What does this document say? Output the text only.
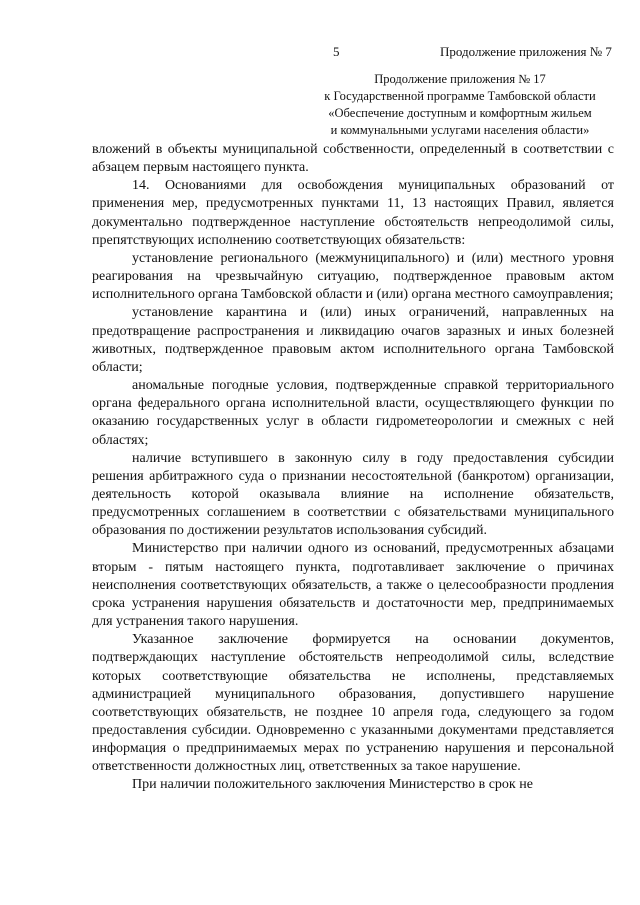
5	Продолжение приложения № 7
Продолжение приложения № 17
к Государственной программе Тамбовской области
«Обеспечение доступным и комфортным жильем
и коммунальными услугами населения области»

вложений в объекты муниципальной собственности, определенный в соответствии с абзацем первым настоящего пункта.

14. Основаниями для освобождения муниципальных образований от применения мер, предусмотренных пунктами 11, 13 настоящих Правил, является документально подтвержденное наступление обстоятельств непреодолимой силы, препятствующих исполнению соответствующих обязательств:

установление регионального (межмуниципального) и (или) местного уровня реагирования на чрезвычайную ситуацию, подтвержденное правовым актом исполнительного органа Тамбовской области и (или) органа местного самоуправления;

установление карантина и (или) иных ограничений, направленных на предотвращение распространения и ликвидацию очагов заразных и иных болезней животных, подтвержденное правовым актом исполнительного органа Тамбовской области;

аномальные погодные условия, подтвержденные справкой территориального органа федерального органа исполнительной власти, осуществляющего функции по оказанию государственных услуг в области гидрометеорологии и смежных с ней областях;

наличие вступившего в законную силу в году предоставления субсидии решения арбитражного суда о признании несостоятельной (банкротом) организации, деятельность которой оказывала влияние на исполнение обязательств, предусмотренных соглашением в соответствии с обязательствами муниципального образования по достижении результатов использования субсидий.

Министерство при наличии одного из оснований, предусмотренных абзацами вторым - пятым настоящего пункта, подготавливает заключение о причинах неисполнения соответствующих обязательств, а также о целесообразности продления срока устранения нарушения обязательств и достаточности мер, предпринимаемых для устранения такого нарушения.

Указанное заключение формируется на основании документов, подтверждающих наступление обстоятельств непреодолимой силы, вследствие которых соответствующие обязательства не исполнены, представляемых администрацией муниципального образования, допустившего нарушение соответствующих обязательств, не позднее 10 апреля года, следующего за годом предоставления субсидии. Одновременно с указанными документами представляется информация о предпринимаемых мерах по устранению нарушения и персональной ответственности должностных лиц, ответственных за такое нарушение.

При наличии положительного заключения Министерство в срок не
